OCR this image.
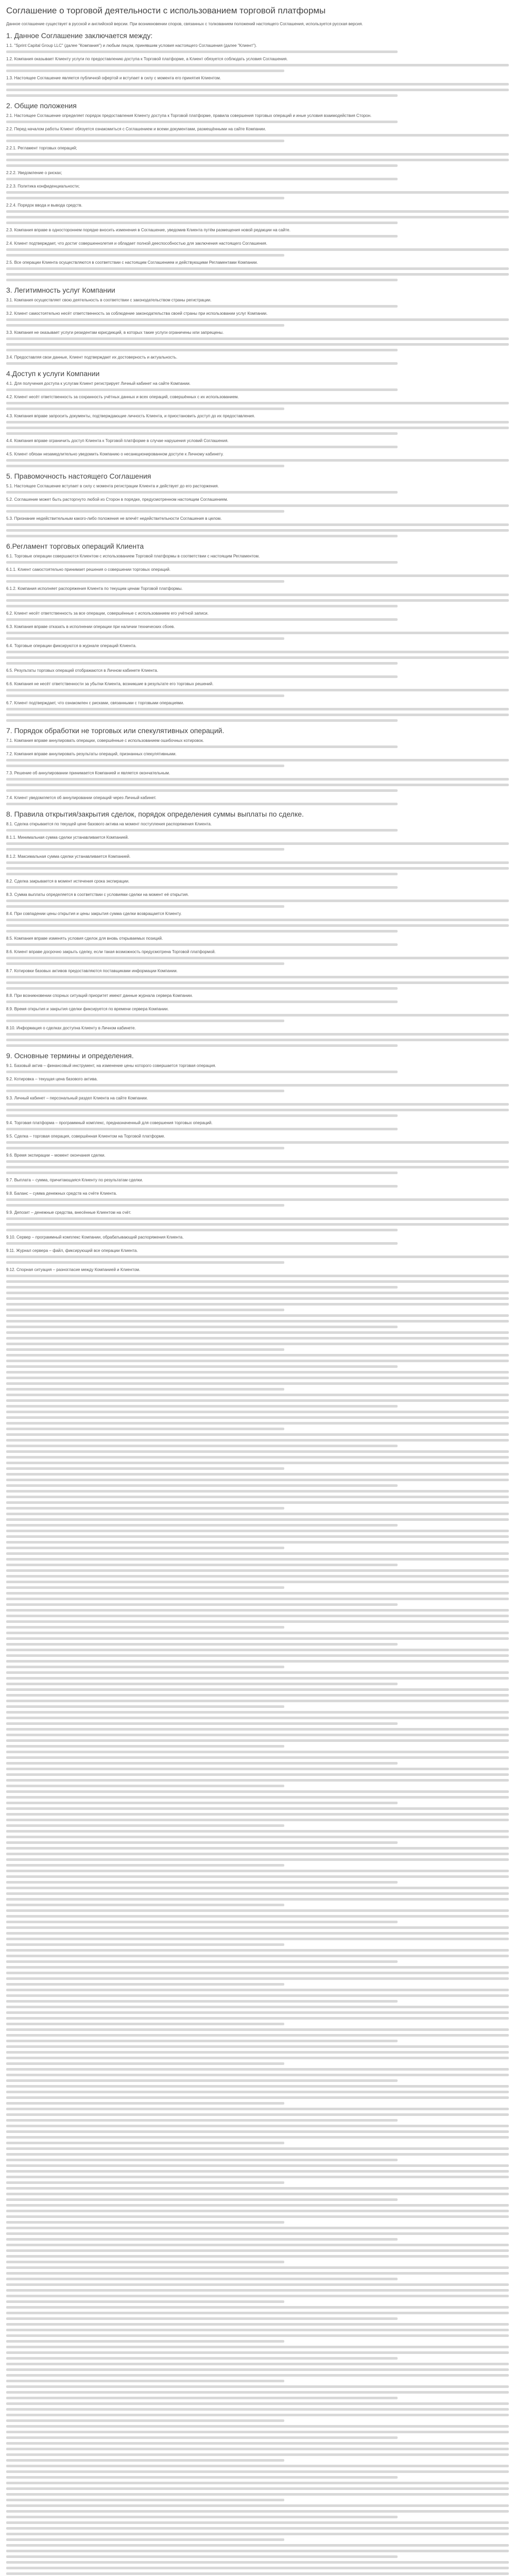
Соглашение о торговой деятельности с использованием торговой платформы

Данное соглашение существует в русской и английской версии. При возникновении споров, связанных с толкованием положений настоящего Соглашения, используется русская версия.

1. Данное Соглашение заключается между:

1.1. "Sprint Capital Group LLC" (далее "Компания") и любым лицом, принявшим условия настоящего Соглашения (далее "Клиент").

1.2. Компания оказывает Клиенту услуги по предоставлению доступа к Торговой платформе, а Клиент обязуется соблюдать условия Соглашения.

1.3. Настоящее Соглашение является публичной офертой и вступает в силу с момента его принятия Клиентом.

2. Общие положения

2.1. Настоящее Соглашение определяет порядок предоставления Клиенту доступа к Торговой платформе, правила совершения торговых операций и иные условия взаимодействия Сторон.

2.2. Перед началом работы Клиент обязуется ознакомиться с Соглашением и всеми документами, размещёнными на сайте Компании.

2.2.1. Регламент торговых операций;

2.2.2. Уведомление о рисках;

2.2.3. Политика конфиденциальности;

2.2.4. Порядок ввода и вывода средств.

2.3. Компания вправе в одностороннем порядке вносить изменения в Соглашение, уведомив Клиента путём размещения новой редакции на сайте.

2.4. Клиент подтверждает, что достиг совершеннолетия и обладает полной дееспособностью для заключения настоящего Соглашения.

2.5. Все операции Клиента осуществляются в соответствии с настоящим Соглашением и действующими Регламентами Компании.

3. Легитимность услуг Компании

3.1. Компания осуществляет свою деятельность в соответствии с законодательством страны регистрации.

3.2. Клиент самостоятельно несёт ответственность за соблюдение законодательства своей страны при использовании услуг Компании.

3.3. Компания не оказывает услуги резидентам юрисдикций, в которых такие услуги ограничены или запрещены.

3.4. Предоставляя свои данные, Клиент подтверждает их достоверность и актуальность.

4.Доступ к услуги Компании

4.1. Для получения доступа к услугам Клиент регистрирует Личный кабинет на сайте Компании.

4.2. Клиент несёт ответственность за сохранность учётных данных и всех операций, совершённых с их использованием.

4.3. Компания вправе запросить документы, подтверждающие личность Клиента, и приостановить доступ до их предоставления.

4.4. Компания вправе ограничить доступ Клиента к Торговой платформе в случае нарушения условий Соглашения.

4.5. Клиент обязан незамедлительно уведомить Компанию о несанкционированном доступе к Личному кабинету.

5. Правомочность настоящего Соглашения

5.1. Настоящее Соглашение вступает в силу с момента регистрации Клиента и действует до его расторжения.

5.2. Соглашение может быть расторгнуто любой из Сторон в порядке, предусмотренном настоящим Соглашением.

5.3. Признание недействительным какого-либо положения не влечёт недействительности Соглашения в целом.

6.Регламент торговых операций Клиента

6.1. Торговые операции совершаются Клиентом с использованием Торговой платформы в соответствии с настоящим Регламентом.

6.1.1. Клиент самостоятельно принимает решения о совершении торговых операций.

6.1.2. Компания исполняет распоряжения Клиента по текущим ценам Торговой платформы.

6.2. Клиент несёт ответственность за все операции, совершённые с использованием его учётной записи.

6.3. Компания вправе отказать в исполнении операции при наличии технических сбоев.

6.4. Торговые операции фиксируются в журнале операций Клиента.

6.5. Результаты торговых операций отображаются в Личном кабинете Клиента.

6.6. Компания не несёт ответственности за убытки Клиента, возникшие в результате его торговых решений.

6.7. Клиент подтверждает, что ознакомлен с рисками, связанными с торговыми операциями.

7. Порядок обработки не торговых или спекулятивных операций.

7.1. Компания вправе аннулировать операции, совершённые с использованием ошибочных котировок.

7.2. Компания вправе аннулировать результаты операций, признанных спекулятивными.

7.3. Решение об аннулировании принимается Компанией и является окончательным.

7.4. Клиент уведомляется об аннулировании операций через Личный кабинет.

8. Правила открытия/закрытия сделок, порядок определения суммы выплаты по сделке.

8.1. Сделка открывается по текущей цене базового актива на момент поступления распоряжения Клиента.

8.1.1. Минимальная сумма сделки устанавливается Компанией.

8.1.2. Максимальная сумма сделки устанавливается Компанией.

8.2. Сделка закрывается в момент истечения срока экспирации.

8.3. Сумма выплаты определяется в соответствии с условиями сделки на момент её открытия.

8.4. При совпадении цены открытия и цены закрытия сумма сделки возвращается Клиенту.

8.5. Компания вправе изменять условия сделок для вновь открываемых позиций.

8.6. Клиент вправе досрочно закрыть сделку, если такая возможность предусмотрена Торговой платформой.

8.7. Котировки базовых активов предоставляются поставщиками информации Компании.

8.8. При возникновении спорных ситуаций приоритет имеют данные журнала сервера Компании.

8.9. Время открытия и закрытия сделки фиксируется по времени сервера Компании.

8.10. Информация о сделках доступна Клиенту в Личном кабинете.

9. Основные термины и определения.

9.1. Базовый актив – финансовый инструмент, на изменение цены которого совершается торговая операция.

9.2. Котировка – текущая цена базового актива.

9.3. Личный кабинет – персональный раздел Клиента на сайте Компании.

9.4. Торговая платформа – программный комплекс, предназначенный для совершения торговых операций.

9.5. Сделка – торговая операция, совершённая Клиентом на Торговой платформе.

9.6. Время экспирации – момент окончания сделки.

9.7. Выплата – сумма, причитающаяся Клиенту по результатам сделки.

9.8. Баланс – сумма денежных средств на счёте Клиента.

9.9. Депозит – денежные средства, внесённые Клиентом на счёт.

9.10. Сервер – программный комплекс Компании, обрабатывающий распоряжения Клиента.

9.11. Журнал сервера – файл, фиксирующий все операции Клиента.

9.12. Спорная ситуация – разногласие между Компанией и Клиентом.
